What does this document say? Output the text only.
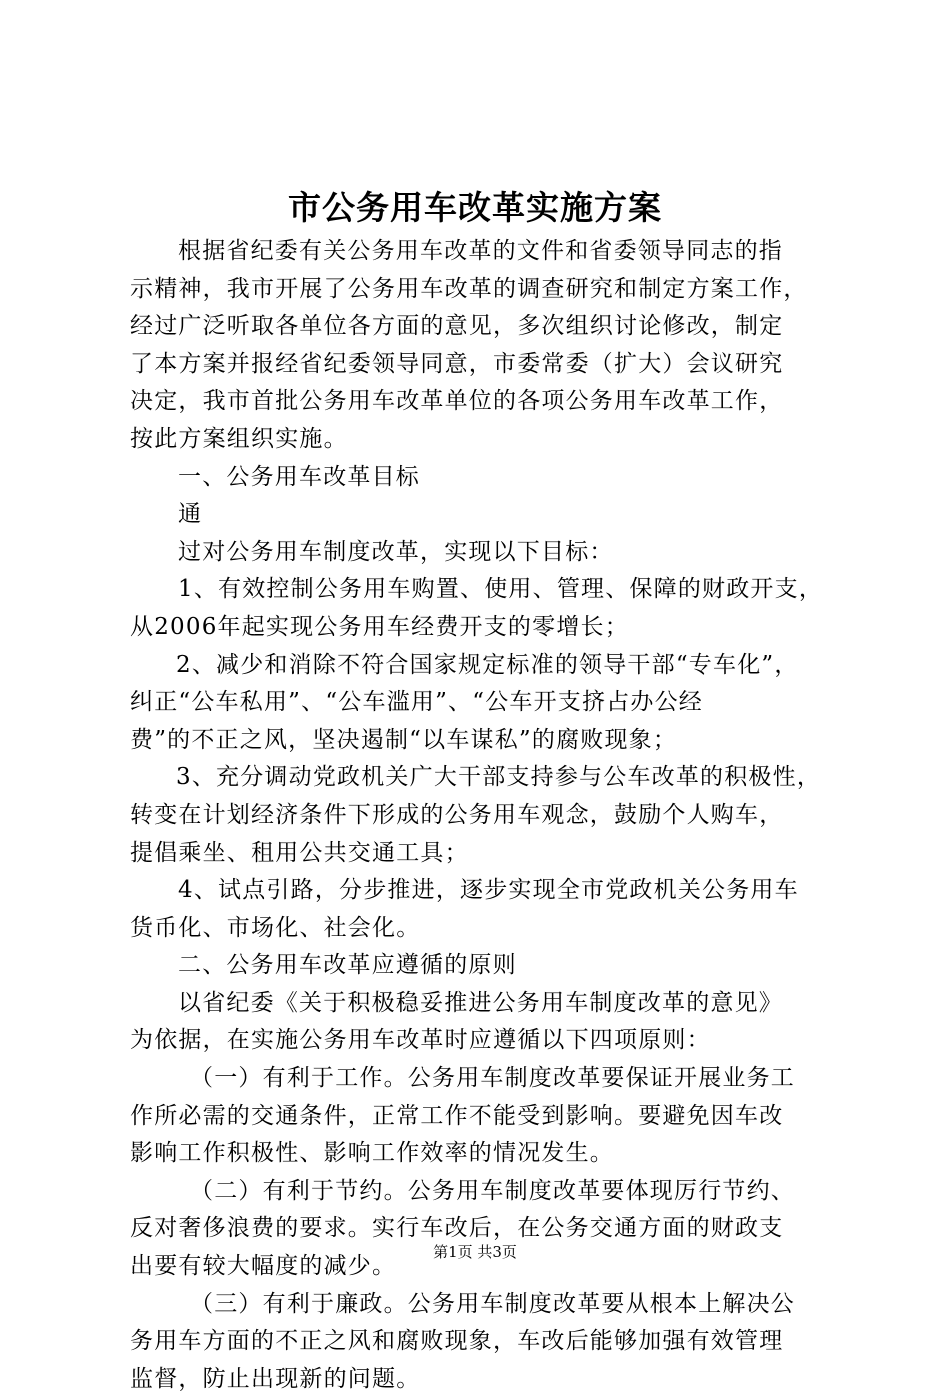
市公务用车改革实施方案
根据省纪委有关公务用车改革的文件和省委领导同志的指
示精神，我市开展了公务用车改革的调查研究和制定方案工作，
经过广泛听取各单位各方面的意见，多次组织讨论修改，制定
了本方案并报经省纪委领导同意，市委常委（扩大）会议研究
决定，我市首批公务用车改革单位的各项公务用车改革工作，
按此方案组织实施。
一、公务用车改革目标
通
过对公务用车制度改革，实现以下目标：
1、有效控制公务用车购置、使用、管理、保障的财政开支，
从2006年起实现公务用车经费开支的零增长；
2、减少和消除不符合国家规定标准的领导干部“专车化”，
纠正“公车私用”、“公车滥用”、“公车开支挤占办公经
费”的不正之风，坚决遏制“以车谋私”的腐败现象；
3、充分调动党政机关广大干部支持参与公车改革的积极性，
转变在计划经济条件下形成的公务用车观念，鼓励个人购车，
提倡乘坐、租用公共交通工具；
4、试点引路，分步推进，逐步实现全市党政机关公务用车
货币化、市场化、社会化。
二、公务用车改革应遵循的原则
以省纪委《关于积极稳妥推进公务用车制度改革的意见》
为依据，在实施公务用车改革时应遵循以下四项原则：
（一）有利于工作。公务用车制度改革要保证开展业务工
作所必需的交通条件，正常工作不能受到影响。要避免因车改
影响工作积极性、影响工作效率的情况发生。
（二）有利于节约。公务用车制度改革要体现厉行节约、
反对奢侈浪费的要求。实行车改后，在公务交通方面的财政支
出要有较大幅度的减少。
（三）有利于廉政。公务用车制度改革要从根本上解决公
务用车方面的不正之风和腐败现象，车改后能够加强有效管理
监督，防止出现新的问题。
第1页 共3页
